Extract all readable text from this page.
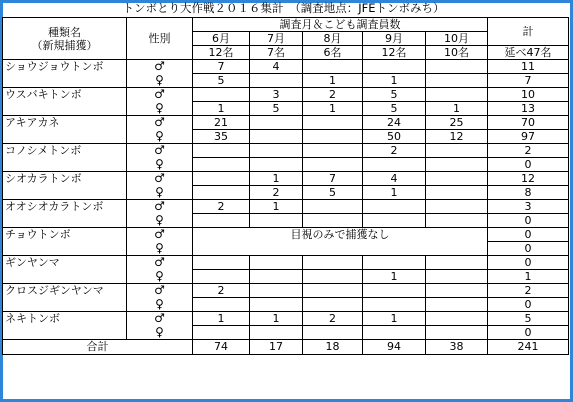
トンボとり大作戦２０１６集計　（調査地点：JFEトンボみち）
種類名
（新規捕獲）	性別	調査月＆こども調査員数					計
		6月	7月	8月	9月	10月	
		12名	7名	6名	12名	10名	延べ47名
ショウジョウトンボ	♂	7	4				11
	♀	5		1	1		7
ウスバキトンボ	♂		3	2	5		10
	♀	1	5	1	5	1	13
アキアカネ	♂	21			24	25	70
	♀	35			50	12	97
コノシメトンボ	♂				2		2
	♀						0
シオカラトンボ	♂		1	7	4		12
	♀		2	5	1		8
オオシオカラトンボ	♂	2	1				3
	♀						0
チョウトンボ	♂	目視のみで捕獲なし					0
	♀						0
ギンヤンマ	♂						0
	♀				1		1
クロスジギンヤンマ	♂	2					2
	♀						0
ネキトンボ	♂	1	1	2	1		5
	♀						0
合計		74	17	18	94	38	241
